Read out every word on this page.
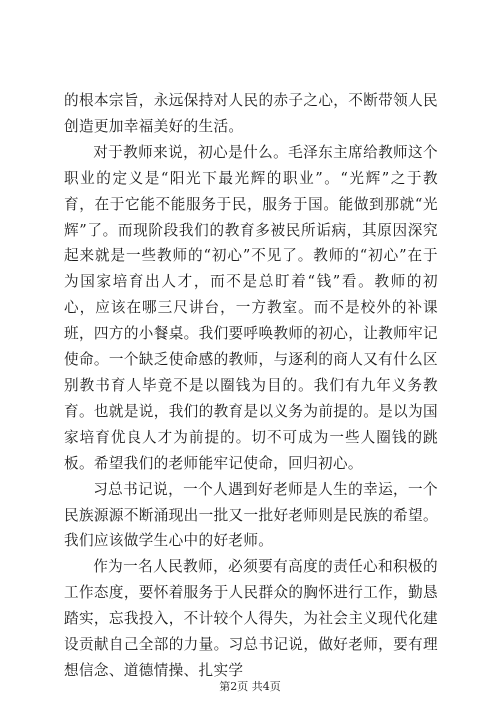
的根本宗旨，永远保持对人民的赤子之心，不断带领人民创造更加幸福美好的生活。

对于教师来说，初心是什么。毛泽东主席给教师这个职业的定义是“阳光下最光辉的职业”。“光辉”之于教育，在于它能不能服务于民，服务于国。能做到那就“光辉”了。而现阶段我们的教育多被民所诟病，其原因深究起来就是一些教师的“初心”不见了。教师的“初心”在于为国家培育出人才，而不是总盯着“钱”看。教师的初心，应该在哪三尺讲台，一方教室。而不是校外的补课班，四方的小餐桌。我们要呼唤教师的初心，让教师牢记使命。一个缺乏使命感的教师，与逐利的商人又有什么区别教书育人毕竟不是以圈钱为目的。我们有九年义务教育。也就是说，我们的教育是以义务为前提的。是以为国家培育优良人才为前提的。切不可成为一些人圈钱的跳板。希望我们的老师能牢记使命，回归初心。

习总书记说，一个人遇到好老师是人生的幸运，一个民族源源不断涌现出一批又一批好老师则是民族的希望。我们应该做学生心中的好老师。

作为一名人民教师，必须要有高度的责任心和积极的工作态度，要怀着服务于人民群众的胸怀进行工作，勤恳踏实，忘我投入，不计较个人得失，为社会主义现代化建设贡献自己全部的力量。习总书记说，做好老师，要有理想信念、道德情操、扎实学

第2页 共4页
